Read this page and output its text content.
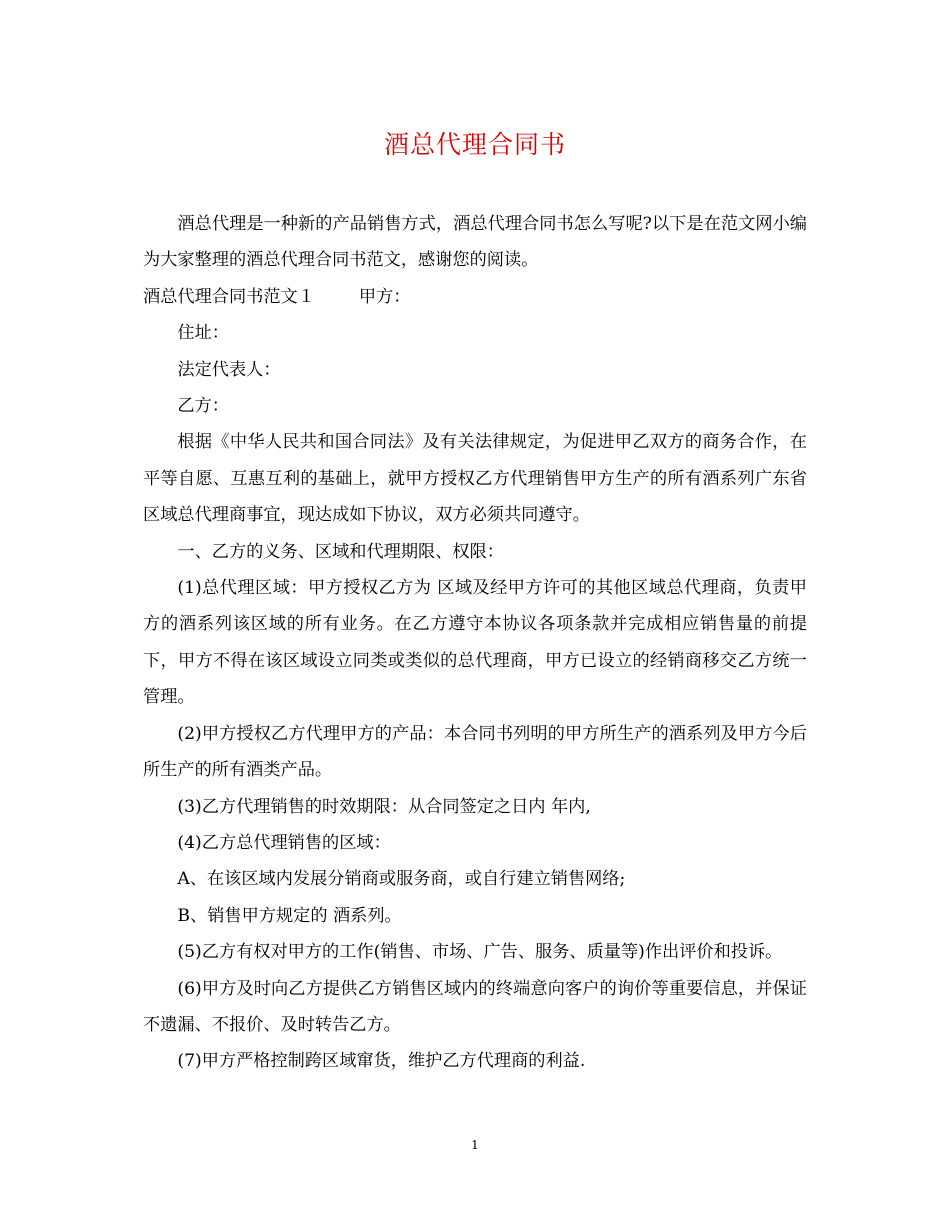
酒总代理合同书

酒总代理是一种新的产品销售方式，酒总代理合同书怎么写呢?以下是在范文网小编为大家整理的酒总代理合同书范文，感谢您的阅读。

酒总代理合同书范文１	甲方：

住址：

法定代表人：

乙方：

根据《中华人民共和国合同法》及有关法律规定，为促进甲乙双方的商务合作，在平等自愿、互惠互利的基础上，就甲方授权乙方代理销售甲方生产的所有酒系列广东省区域总代理商事宜，现达成如下协议，双方必须共同遵守。

一、乙方的义务、区域和代理期限、权限：

(1)总代理区域：甲方授权乙方为 区域及经甲方许可的其他区域总代理商，负责甲方的酒系列该区域的所有业务。在乙方遵守本协议各项条款并完成相应销售量的前提下，甲方不得在该区域设立同类或类似的总代理商，甲方已设立的经销商移交乙方统一管理。

(2)甲方授权乙方代理甲方的产品：本合同书列明的甲方所生产的酒系列及甲方今后所生产的所有酒类产品。

(3)乙方代理销售的时效期限：从合同签定之日内 年内,

(4)乙方总代理销售的区域：

A、在该区域内发展分销商或服务商，或自行建立销售网络;

B、销售甲方规定的 酒系列。

(5)乙方有权对甲方的工作(销售、市场、广告、服务、质量等)作出评价和投诉。

(6)甲方及时向乙方提供乙方销售区域内的终端意向客户的询价等重要信息，并保证不遗漏、不报价、及时转告乙方。

(7)甲方严格控制跨区域窜货，维护乙方代理商的利益.

1
